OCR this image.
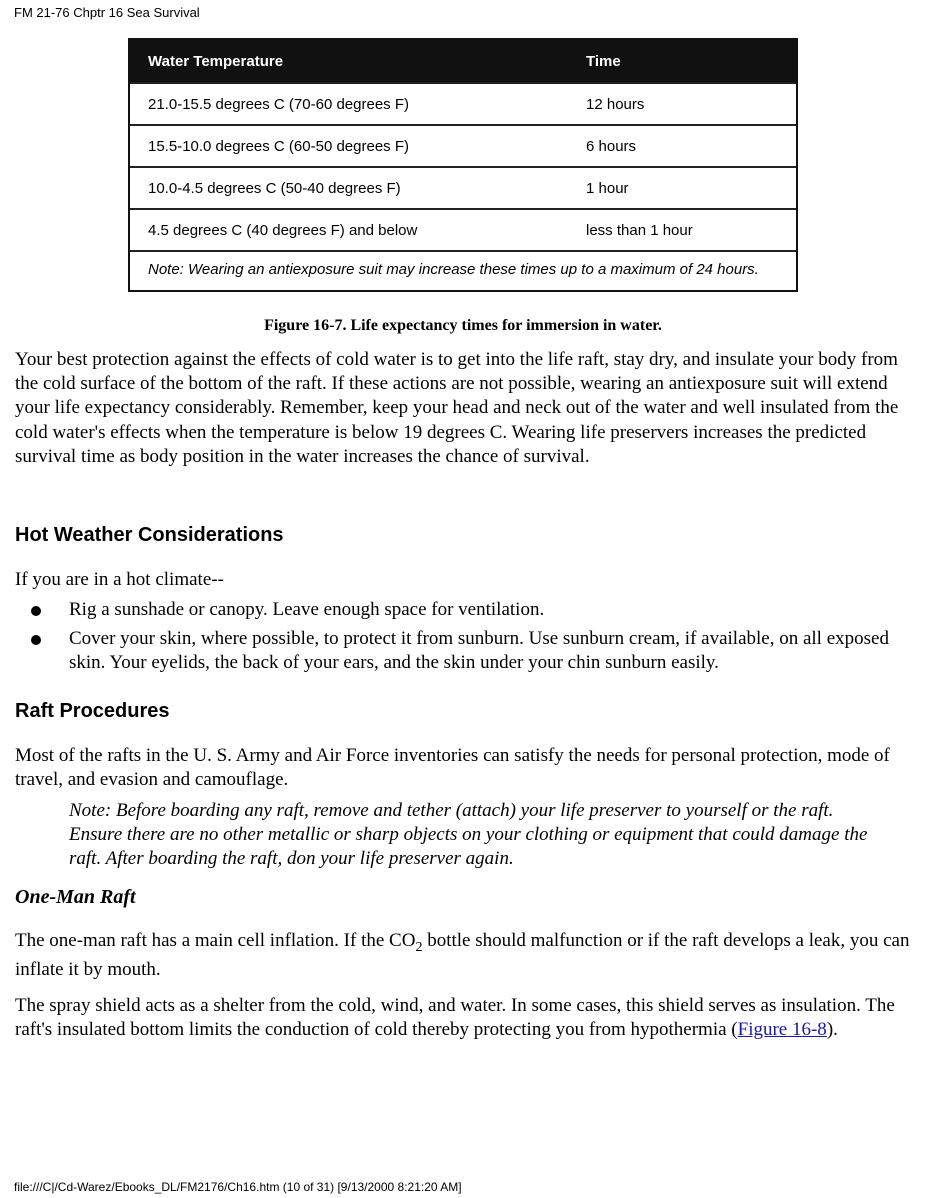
FM 21-76 Chptr 16 Sea Survival
Water Temperature	Time
21.0-15.5 degrees C (70-60 degrees F)	12 hours
15.5-10.0 degrees C (60-50 degrees F)	6 hours
10.0-4.5 degrees C (50-40 degrees F)	1 hour
4.5 degrees C (40 degrees F) and below	less than 1 hour
Note: Wearing an antiexposure suit may increase these times up to a maximum of 24 hours.
Figure 16-7. Life expectancy times for immersion in water.

Your best protection against the effects of cold water is to get into the life raft, stay dry, and insulate your body from the cold surface of the bottom of the raft. If these actions are not possible, wearing an antiexposure suit will extend your life expectancy considerably. Remember, keep your head and neck out of the water and well insulated from the cold water's effects when the temperature is below 19 degrees C. Wearing life preservers increases the predicted survival time as body position in the water increases the chance of survival.

Hot Weather Considerations

If you are in a hot climate--

Rig a sunshade or canopy. Leave enough space for ventilation.
Cover your skin, where possible, to protect it from sunburn. Use sunburn cream, if available, on all exposed skin. Your eyelids, the back of your ears, and the skin under your chin sunburn easily.
Raft Procedures

Most of the rafts in the U. S. Army and Air Force inventories can satisfy the needs for personal protection, mode of travel, and evasion and camouflage.

Note: Before boarding any raft, remove and tether (attach) your life preserver to yourself or the raft. Ensure there are no other metallic or sharp objects on your clothing or equipment that could damage the raft. After boarding the raft, don your life preserver again.

One-Man Raft

The one-man raft has a main cell inflation. If the $CO_2$ bottle should malfunction or if the raft develops a leak, you can inflate it by mouth.

The spray shield acts as a shelter from the cold, wind, and water. In some cases, this shield serves as insulation. The raft's insulated bottom limits the conduction of cold thereby protecting you from hypothermia (Figure 16-8).

file:///C|/Cd-Warez/Ebooks_DL/FM2176/Ch16.htm (10 of 31) [9/13/2000 8:21:20 AM]
